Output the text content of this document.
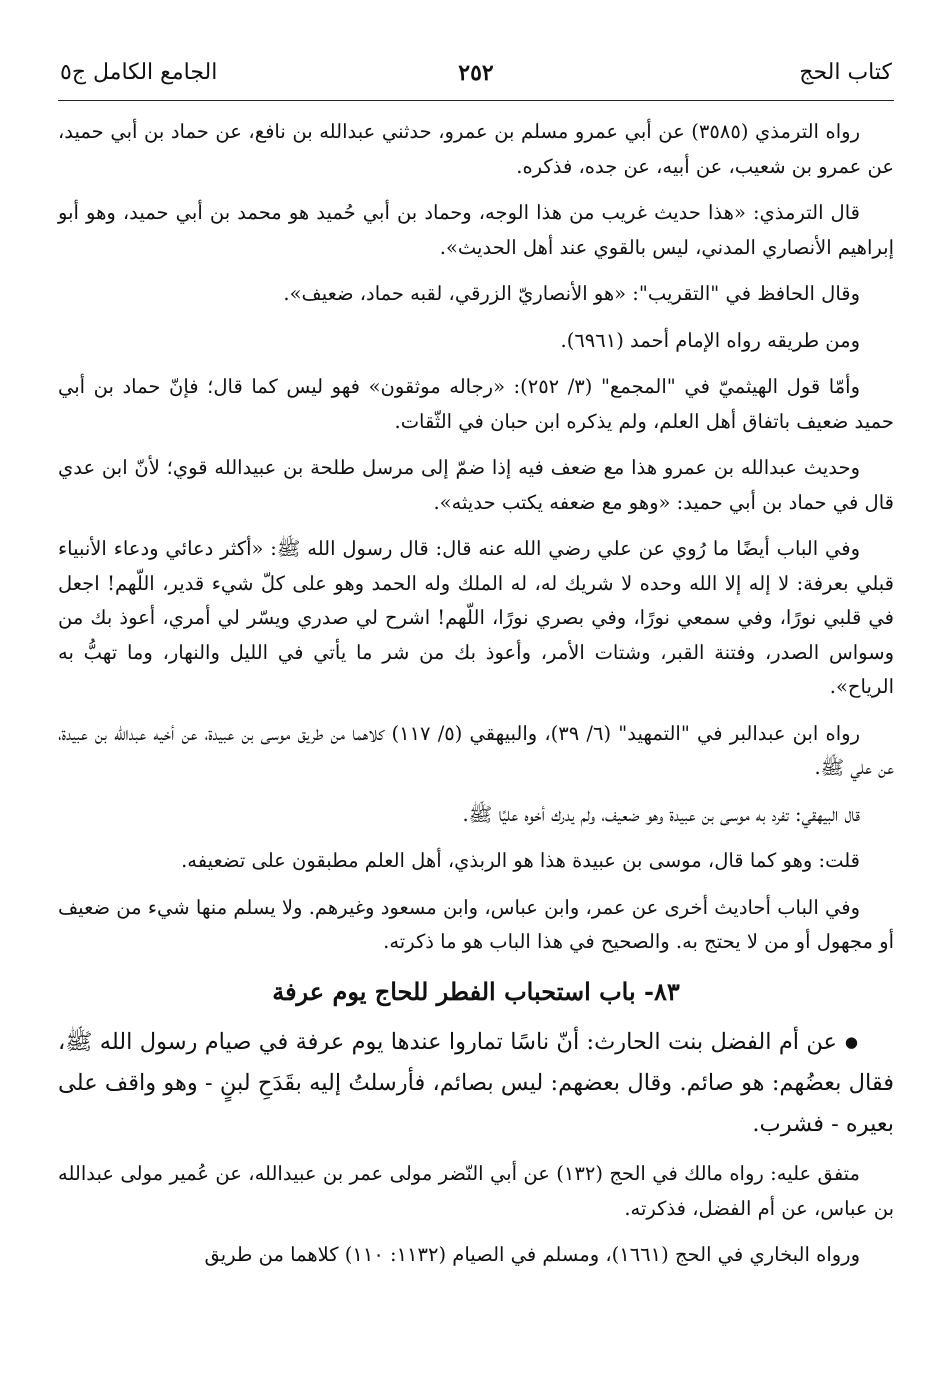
كتاب الحج
٢٥٢
الجامع الكامل ج٥

رواه الترمذي (٣٥٨٥) عن أبي عمرو مسلم بن عمرو، حدثني عبدالله بن نافع، عن حماد بن أبي حميد، عن عمرو بن شعيب، عن أبيه، عن جده، فذكره.

قال الترمذي: «هذا حديث غريب من هذا الوجه، وحماد بن أبي حُميد هو محمد بن أبي حميد، وهو أبو إبراهيم الأنصاري المدني، ليس بالقوي عند أهل الحديث».

وقال الحافظ في "التقريب": «هو الأنصاريّ الزرقي، لقبه حماد، ضعيف».

ومن طريقه رواه الإمام أحمد (٦٩٦١).

وأمّا قول الهيثميّ في "المجمع" (٣/ ٢٥٢): «رجاله موثقون» فهو ليس كما قال؛ فإنّ حماد بن أبي حميد ضعيف باتفاق أهل العلم، ولم يذكره ابن حبان في الثّقات.

وحديث عبدالله بن عمرو هذا مع ضعف فيه إذا ضمّ إلى مرسل طلحة بن عبيدالله قوي؛ لأنّ ابن عدي قال في حماد بن أبي حميد: «وهو مع ضعفه يكتب حديثه».

وفي الباب أيضًا ما رُوي عن علي رضي الله عنه قال: قال رسول الله ﷺ: «أكثر دعائي ودعاء الأنبياء قبلي بعرفة: لا إله إلا الله وحده لا شريك له، له الملك وله الحمد وهو على كلّ شيء قدير، اللّهم! اجعل في قلبي نورًا، وفي سمعي نورًا، وفي بصري نورًا، اللّهم! اشرح لي صدري ويسّر لي أمري، أعوذ بك من وسواس الصدر، وفتنة القبر، وشتات الأمر، وأعوذ بك من شر ما يأتي في الليل والنهار، وما تهبُّ به الرياح».

رواه ابن عبدالبر في "التمهيد" (٦/ ٣٩)، والبيهقي (٥/ ١١٧) كلاهما من طريق موسى بن عبيدة، عن أخيه عبدالله بن عبيدة، عن علي ﷺ.

قال البيهقي: تفرد به موسى بن عبيدة وهو ضعيف، ولم يدرك أخوه عليًا ﷺ.

قلت: وهو كما قال، موسى بن عبيدة هذا هو الربذي، أهل العلم مطبقون على تضعيفه.

وفي الباب أحاديث أخرى عن عمر، وابن عباس، وابن مسعود وغيرهم. ولا يسلم منها شيء من ضعيف أو مجهول أو من لا يحتج به. والصحيح في هذا الباب هو ما ذكرته.

٨٣- باب استحباب الفطر للحاج يوم عرفة

●عن أم الفضل بنت الحارث: أنّ ناسًا تماروا عندها يوم عرفة في صيام رسول الله ﷺ، فقال بعضُهم: هو صائم. وقال بعضهم: ليس بصائم، فأرسلتُ إليه بقَدَحِ لبنٍ - وهو واقف على بعيره - فشرب.

متفق عليه: رواه مالك في الحج (١٣٢) عن أبي النّضر مولى عمر بن عبيدالله، عن عُمير مولى عبدالله بن عباس، عن أم الفضل، فذكرته.

ورواه البخاري في الحج (١٦٦١)، ومسلم في الصيام (١١٣٢: ١١٠) كلاهما من طريق
